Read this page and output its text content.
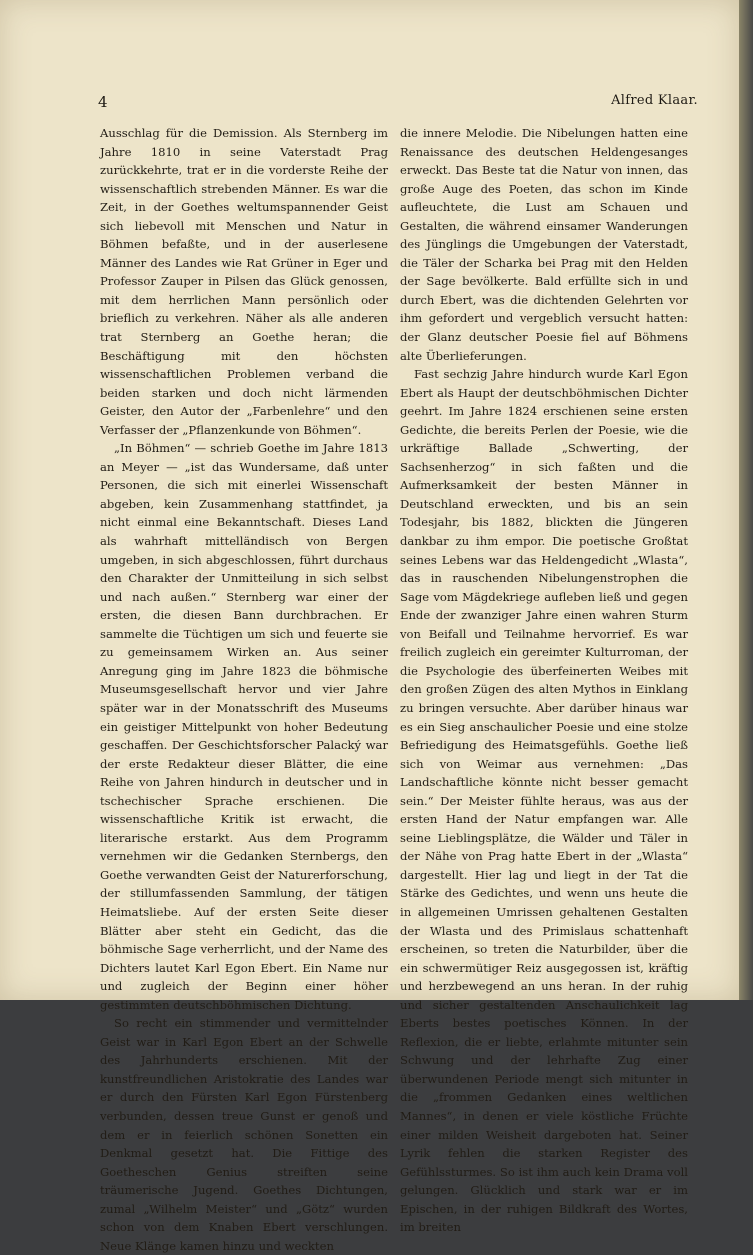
4	Alfred Klaar.

Ausschlag für die Demission. Als Sternberg im Jahre 1810 in seine Vaterstadt Prag zurückkehrte, trat er in die vorderste Reihe der wissenschaftlich strebenden Männer. Es war die Zeit, in der Goethes weltumspannender Geist sich liebevoll mit Menschen und Natur in Böhmen befaßte, und in der auserlesene Männer des Landes wie Rat Grüner in Eger und Professor Zauper in Pilsen das Glück genossen, mit dem herrlichen Mann persönlich oder brieflich zu verkehren. Näher als alle anderen trat Sternberg an Goethe heran; die Beschäftigung mit den höchsten wissenschaftlichen Problemen verband die beiden starken und doch nicht lärmenden Geister, den Autor der „Farbenlehre“ und den Verfasser der „Pflanzenkunde von Böhmen“.

„In Böhmen“ — schrieb Goethe im Jahre 1813 an Meyer — „ist das Wundersame, daß unter Personen, die sich mit einerlei Wissenschaft abgeben, kein Zusammenhang stattfindet, ja nicht einmal eine Bekanntschaft. Dieses Land als wahrhaft mittelländisch von Bergen umgeben, in sich abgeschlossen, führt durchaus den Charakter der Unmitteilung in sich selbst und nach außen.“ Sternberg war einer der ersten, die diesen Bann durchbrachen. Er sammelte die Tüchtigen um sich und feuerte sie zu gemeinsamem Wirken an. Aus seiner Anregung ging im Jahre 1823 die böhmische Museumsgesellschaft hervor und vier Jahre später war in der Monatsschrift des Museums ein geistiger Mittelpunkt von hoher Bedeutung geschaffen. Der Geschichtsforscher Palacký war der erste Redakteur dieser Blätter, die eine Reihe von Jahren hindurch in deutscher und in tschechischer Sprache erschienen. Die wissenschaftliche Kritik ist erwacht, die literarische erstarkt. Aus dem Programm vernehmen wir die Gedanken Sternbergs, den Goethe verwandten Geist der Naturerforschung, der stillumfassenden Sammlung, der tätigen Heimatsliebe. Auf der ersten Seite dieser Blätter aber steht ein Gedicht, das die böhmische Sage verherrlicht, und der Name des Dichters lautet Karl Egon Ebert. Ein Name nur und zugleich der Beginn einer höher gestimmten deutschböhmischen Dichtung.

So recht ein stimmender und vermittelnder Geist war in Karl Egon Ebert an der Schwelle des Jahrhunderts erschienen. Mit der kunstfreundlichen Aristokratie des Landes war er durch den Fürsten Karl Egon Fürstenberg verbunden, dessen treue Gunst er genoß und dem er in feierlich schönen Sonetten ein Denkmal gesetzt hat. Die Fittige des Goetheschen Genius streiften seine träumerische Jugend. Goethes Dichtungen, zumal „Wilhelm Meister“ und „Götz“ wurden schon von dem Knaben Ebert verschlungen. Neue Klänge kamen hinzu und weckten

die innere Melodie. Die Nibelungen hatten eine Renaissance des deutschen Heldengesanges erweckt. Das Beste tat die Natur von innen, das große Auge des Poeten, das schon im Kinde aufleuchtete, die Lust am Schauen und Gestalten, die während einsamer Wanderungen des Jünglings die Umgebungen der Vaterstadt, die Täler der Scharka bei Prag mit den Helden der Sage bevölkerte. Bald erfüllte sich in und durch Ebert, was die dichtenden Gelehrten vor ihm gefordert und vergeblich versucht hatten: der Glanz deutscher Poesie fiel auf Böhmens alte Überlieferungen.

Fast sechzig Jahre hindurch wurde Karl Egon Ebert als Haupt der deutschböhmischen Dichter geehrt. Im Jahre 1824 erschienen seine ersten Gedichte, die bereits Perlen der Poesie, wie die urkräftige Ballade „Schwerting, der Sachsenherzog“ in sich faßten und die Aufmerksamkeit der besten Männer in Deutschland erweckten, und bis an sein Todesjahr, bis 1882, blickten die Jüngeren dankbar zu ihm empor. Die poetische Großtat seines Lebens war das Heldengedicht „Wlasta“, das in rauschenden Nibelungenstrophen die Sage vom Mägdekriege aufleben ließ und gegen Ende der zwanziger Jahre einen wahren Sturm von Beifall und Teilnahme hervorrief. Es war freilich zugleich ein gereimter Kulturroman, der die Psychologie des überfeinerten Weibes mit den großen Zügen des alten Mythos in Einklang zu bringen versuchte. Aber darüber hinaus war es ein Sieg anschaulicher Poesie und eine stolze Befriedigung des Heimatsgefühls. Goethe ließ sich von Weimar aus vernehmen: „Das Landschaftliche könnte nicht besser gemacht sein.“ Der Meister fühlte heraus, was aus der ersten Hand der Natur empfangen war. Alle seine Lieblingsplätze, die Wälder und Täler in der Nähe von Prag hatte Ebert in der „Wlasta“ dargestellt. Hier lag und liegt in der Tat die Stärke des Gedichtes, und wenn uns heute die in allgemeinen Umrissen gehaltenen Gestalten der Wlasta und des Primislaus schattenhaft erscheinen, so treten die Naturbilder, über die ein schwermütiger Reiz ausgegossen ist, kräftig und herzbewegend an uns heran. In der ruhig und sicher gestaltenden Anschaulichkeit lag Eberts bestes poetisches Können. In der Reflexion, die er liebte, erlahmte mitunter sein Schwung und der lehrhafte Zug einer überwundenen Periode mengt sich mitunter in die „frommen Gedanken eines weltlichen Mannes“, in denen er viele köstliche Früchte einer milden Weisheit dargeboten hat. Seiner Lyrik fehlen die starken Register des Gefühlssturmes. So ist ihm auch kein Drama voll gelungen. Glücklich und stark war er im Epischen, in der ruhigen Bildkraft des Wortes, im breiten
